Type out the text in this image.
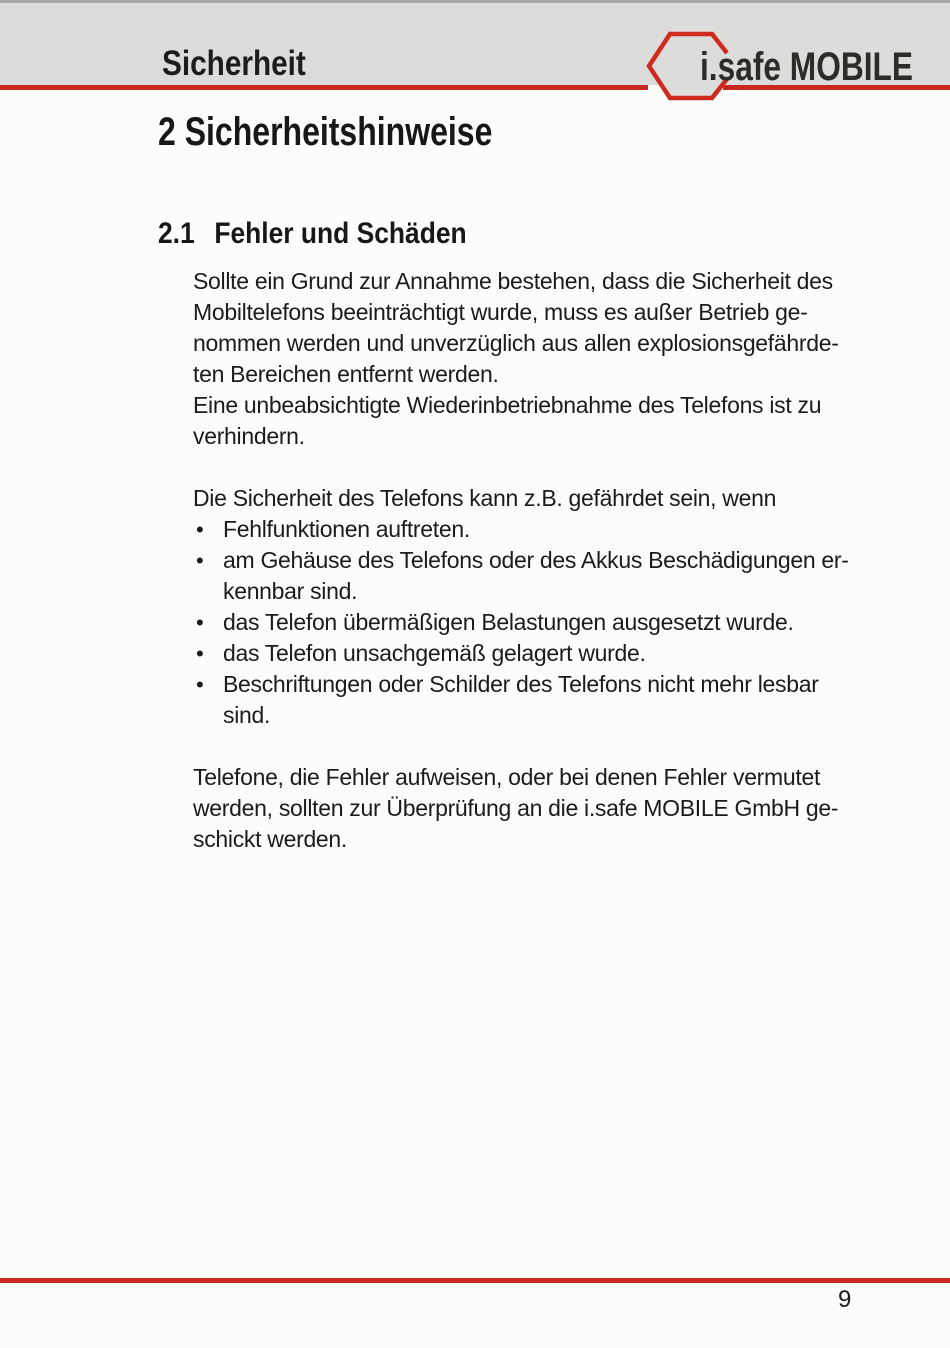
Sicherheit	i.safe MOBILE
2 Sicherheitshinweise
2.1 Fehler und Schäden
Sollte ein Grund zur Annahme bestehen, dass die Sicherheit des
Mobiltelefons beeinträchtigt wurde, muss es außer Betrieb ge-
nommen werden und unverzüglich aus allen explosionsgefährde-
ten Bereichen entfernt werden.
Eine unbeabsichtigte Wiederinbetriebnahme des Telefons ist zu
verhindern.
Die Sicherheit des Telefons kann z.B. gefährdet sein, wenn
• Fehlfunktionen auftreten.
• am Gehäuse des Telefons oder des Akkus Beschädigungen er-
kennbar sind.
• das Telefon übermäßigen Belastungen ausgesetzt wurde.
• das Telefon unsachgemäß gelagert wurde.
• Beschriftungen oder Schilder des Telefons nicht mehr lesbar
sind.
Telefone, die Fehler aufweisen, oder bei denen Fehler vermutet
werden, sollten zur Überprüfung an die i.safe MOBILE GmbH ge-
schickt werden.
9
